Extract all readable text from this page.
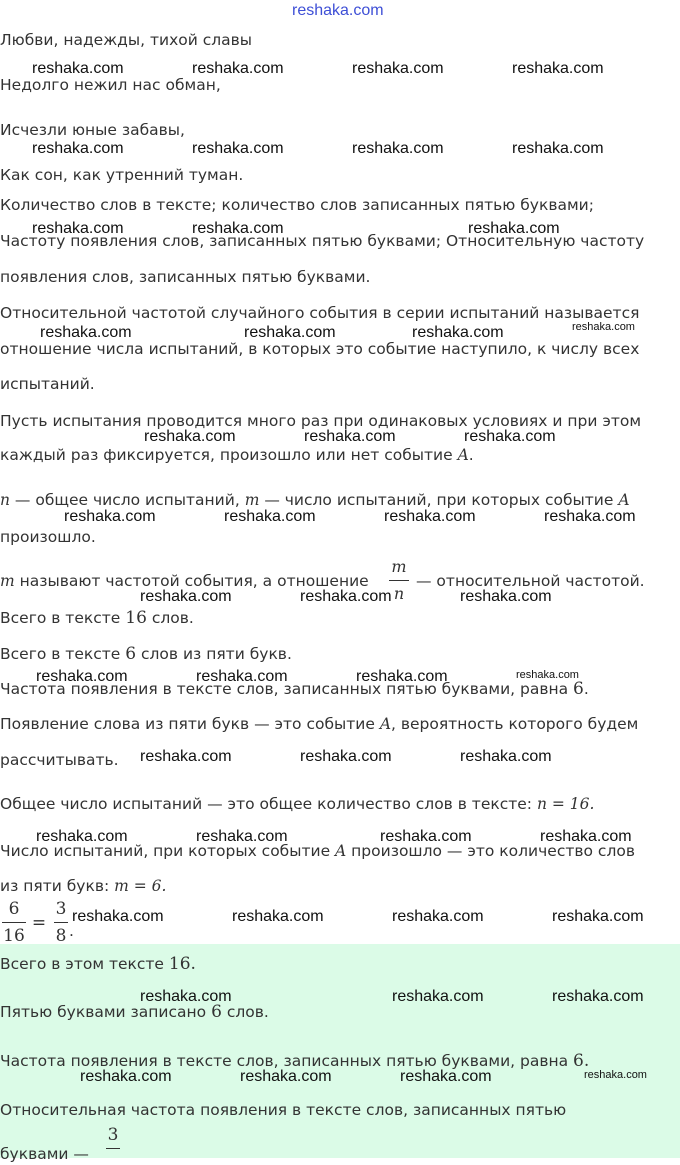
reshaka.com
Любви, надежды, тихой славы
Недолго нежил нас обман,
Исчезли юные забавы,
Как сон, как утренний туман.
Количество слов в тексте; количество слов записанных пятью буквами;
Частоту появления слов, записанных пятью буквами; Относительную частоту
появления слов, записанных пятью буквами.
Относительной частотой случайного события в серии испытаний называется
отношение числа испытаний, в которых это событие наступило, к числу всех
испытаний.
Пусть испытания проводится много раз при одинаковых условиях и при этом
каждый раз фиксируется, произошло или нет событие A.
n — общее число испытаний, m — число испытаний, при которых событие A
произошло.
m называют частотой события, а отношение
m
n
— относительной частотой.
Всего в тексте 16 слов.
Всего в тексте 6 слов из пяти букв.
Частота появления в тексте слов, записанных пятью буквами, равна 6.
Появление слова из пяти букв — это событие A, вероятность которого будем
рассчитывать.
Общее число испытаний — это общее количество слов в тексте: n = 16.
Число испытаний, при которых событие A произошло — это количество слов
из пяти букв: m = 6.
6
16
=
3
8 .
Всего в этом тексте 16.
Пятью буквами записано 6 слов.
Частота появления в тексте слов, записанных пятью буквами, равна 6.
Относительная частота появления в тексте слов, записанных пятью
буквами —
3
reshaka.com	reshaka.com	reshaka.com	reshaka.com
reshaka.com	reshaka.com	reshaka.com	reshaka.com
reshaka.com	reshaka.com	reshaka.com
reshaka.com	reshaka.com	reshaka.com	reshaka.com
reshaka.com	reshaka.com	reshaka.com
reshaka.com	reshaka.com	reshaka.com	reshaka.com
reshaka.com	reshaka.com	reshaka.com
reshaka.com	reshaka.com	reshaka.com	reshaka.com
reshaka.com	reshaka.com	reshaka.com
reshaka.com	reshaka.com	reshaka.com	reshaka.com
reshaka.com	reshaka.com	reshaka.com	reshaka.com
reshaka.com	reshaka.com	reshaka.com
reshaka.com	reshaka.com	reshaka.com	reshaka.com
